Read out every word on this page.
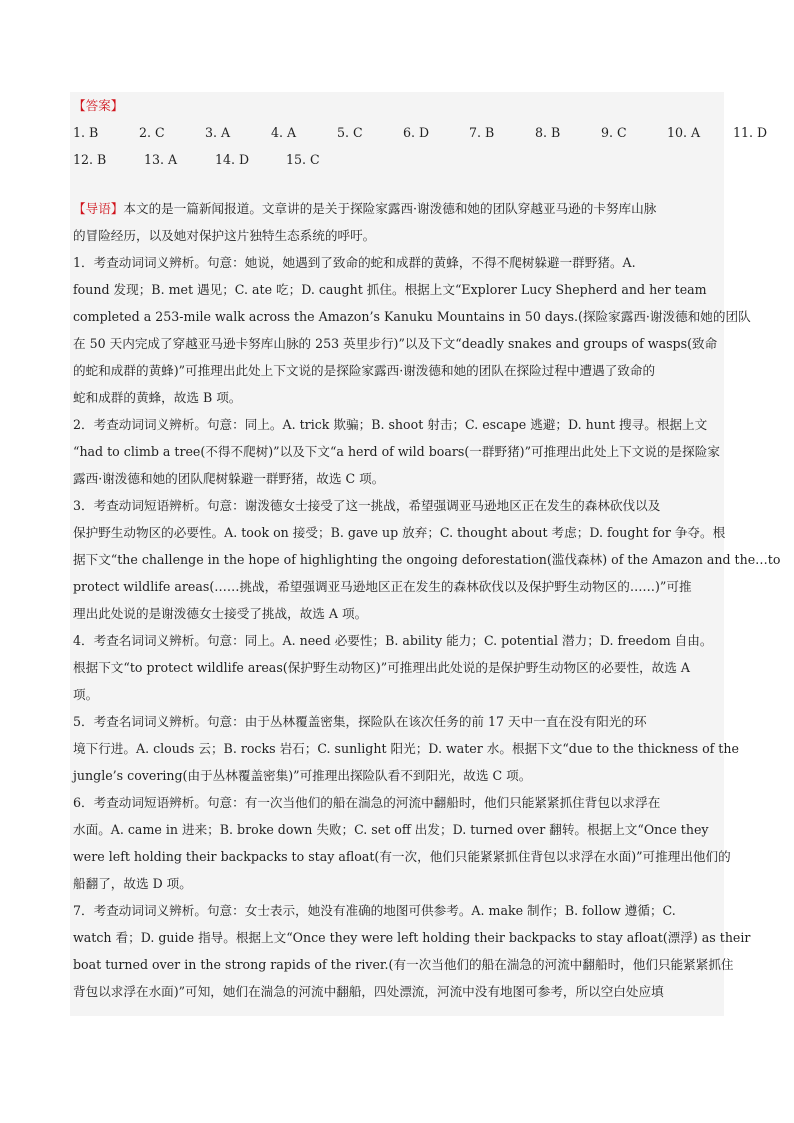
【答案】
1. B	2. C	3. A	4. A	5. C	6. D	7. B	8. B	9. C	10. A	11. D
12. B	13. A	14. D	15. C
【导语】本文的是一篇新闻报道。文章讲的是关于探险家露西·谢泼德和她的团队穿越亚马逊的卡努库山脉
的冒险经历，以及她对保护这片独特生态系统的呼吁。
1．考查动词词义辨析。句意：她说，她遇到了致命的蛇和成群的黄蜂，不得不爬树躲避一群野猪。A.
found 发现；B. met 遇见；C. ate 吃；D. caught 抓住。根据上文“Explorer Lucy Shepherd and her team
completed a 253-mile walk across the Amazon’s Kanuku Mountains in 50 days.(探险家露西·谢泼德和她的团队
在 50 天内完成了穿越亚马逊卡努库山脉的 253 英里步行)”以及下文“deadly snakes and groups of wasps(致命
的蛇和成群的黄蜂)”可推理出此处上下文说的是探险家露西·谢泼德和她的团队在探险过程中遭遇了致命的
蛇和成群的黄蜂，故选 B 项。
2．考查动词词义辨析。句意：同上。A. trick 欺骗；B. shoot 射击；C. escape 逃避；D. hunt 搜寻。根据上文
“had to climb a tree(不得不爬树)”以及下文“a herd of wild boars(一群野猪)”可推理出此处上下文说的是探险家
露西·谢泼德和她的团队爬树躲避一群野猪，故选 C 项。
3．考查动词短语辨析。句意：谢泼德女士接受了这一挑战，希望强调亚马逊地区正在发生的森林砍伐以及
保护野生动物区的必要性。A. took on 接受；B. gave up 放弃；C. thought about 考虑；D. fought for 争夺。根
据下文“the challenge in the hope of highlighting the ongoing deforestation(滥伐森林) of the Amazon and the…to
protect wildlife areas(……挑战，希望强调亚马逊地区正在发生的森林砍伐以及保护野生动物区的……)”可推
理出此处说的是谢泼德女士接受了挑战，故选 A 项。
4．考查名词词义辨析。句意：同上。A. need 必要性；B. ability 能力；C. potential 潜力；D. freedom 自由。
根据下文“to protect wildlife areas(保护野生动物区)”可推理出此处说的是保护野生动物区的必要性，故选 A
项。
5．考查名词词义辨析。句意：由于丛林覆盖密集，探险队在该次任务的前 17 天中一直在没有阳光的环
境下行进。A. clouds 云；B. rocks 岩石；C. sunlight 阳光；D. water 水。根据下文“due to the thickness of the
jungle’s covering(由于丛林覆盖密集)”可推理出探险队看不到阳光，故选 C 项。
6．考查动词短语辨析。句意：有一次当他们的船在湍急的河流中翻船时，他们只能紧紧抓住背包以求浮在
水面。A. came in 进来；B. broke down 失败；C. set off 出发；D. turned over 翻转。根据上文“Once they
were left holding their backpacks to stay afloat(有一次，他们只能紧紧抓住背包以求浮在水面)”可推理出他们的
船翻了，故选 D 项。
7．考查动词词义辨析。句意：女士表示，她没有准确的地图可供参考。A. make 制作；B. follow 遵循；C.
watch 看；D. guide 指导。根据上文“Once they were left holding their backpacks to stay afloat(漂浮) as their
boat turned over in the strong rapids of the river.(有一次当他们的船在湍急的河流中翻船时，他们只能紧紧抓住
背包以求浮在水面)”可知，她们在湍急的河流中翻船，四处漂流，河流中没有地图可参考，所以空白处应填
